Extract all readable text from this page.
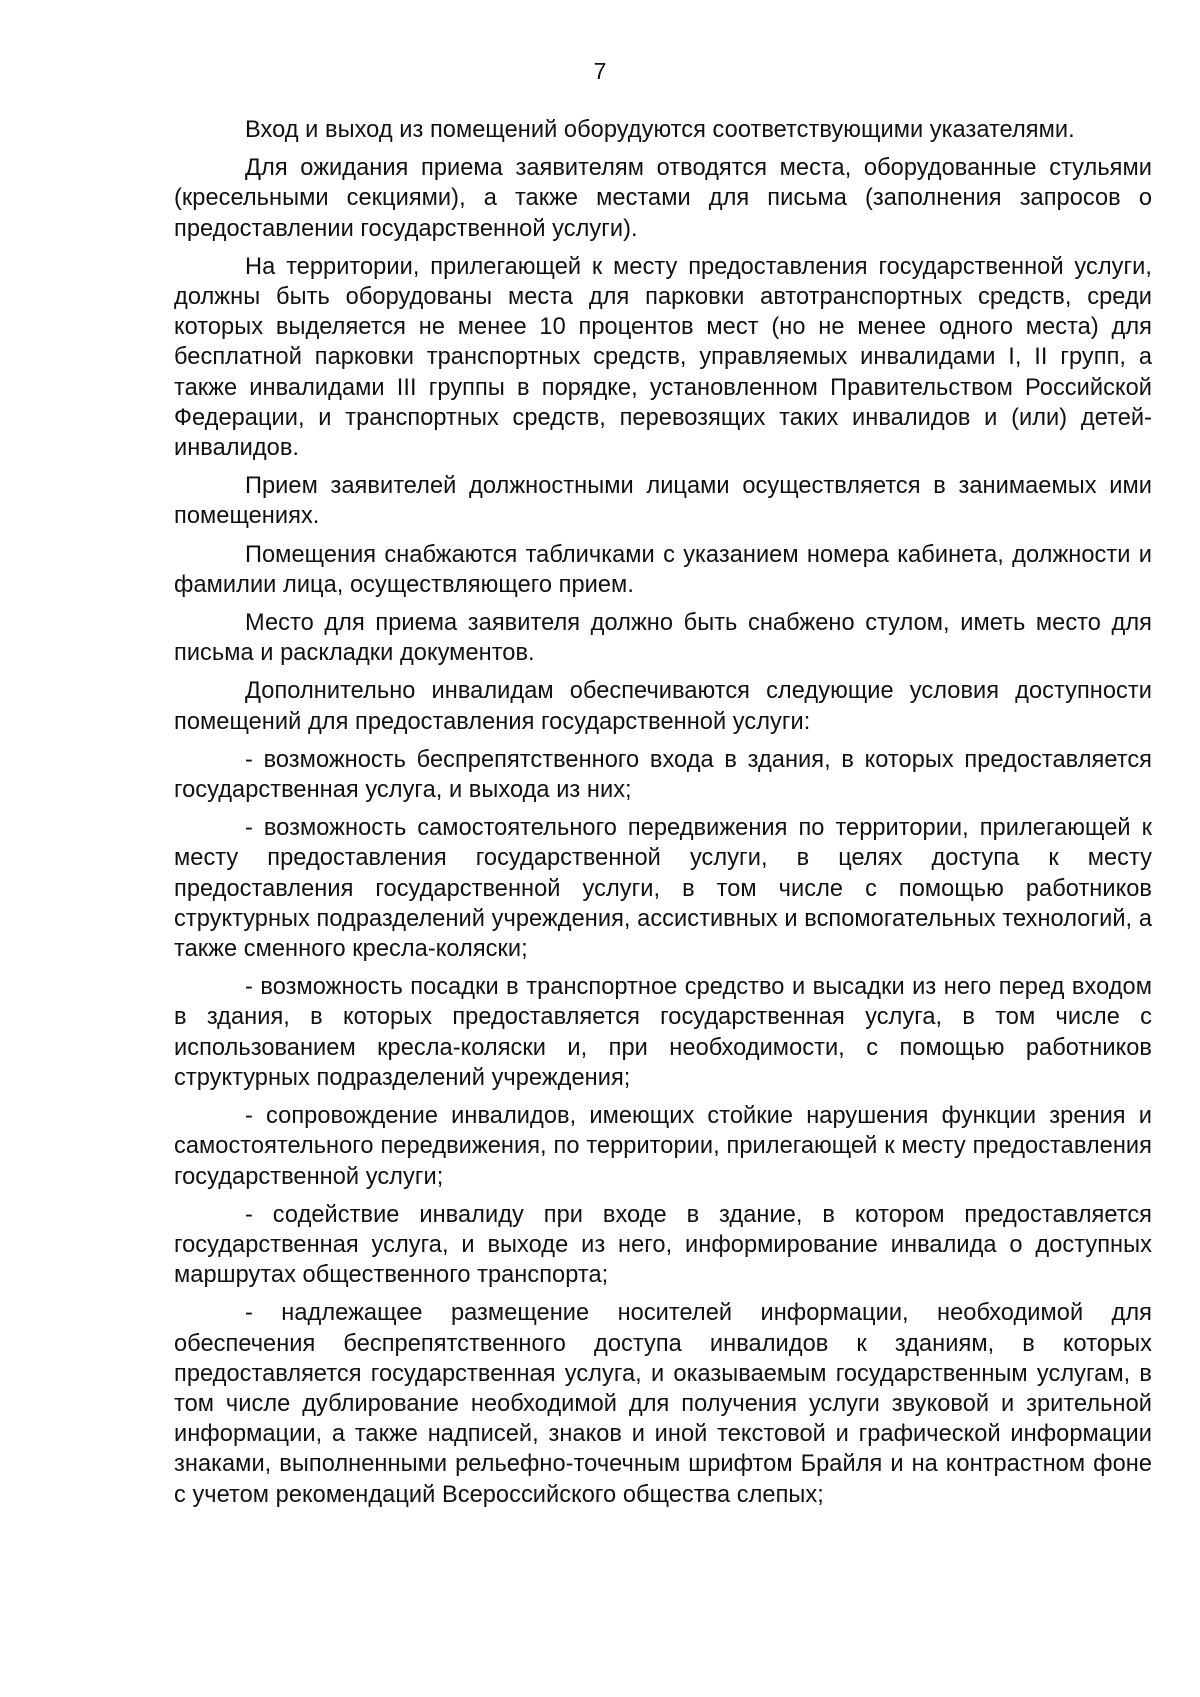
7

Вход и выход из помещений оборудуются соответствующими указателями.

Для ожидания приема заявителям отводятся места, оборудованные стульями (кресельными секциями), а также местами для письма (заполнения запросов о предоставлении государственной услуги).

На территории, прилегающей к месту предоставления государственной услуги, должны быть оборудованы места для парковки автотранспортных средств, среди которых выделяется не менее 10 процентов мест (но не менее одного места) для бесплатной парковки транспортных средств, управляемых инвалидами I, II групп, а также инвалидами III группы в порядке, установленном Правительством Российской Федерации, и транспортных средств, перевозящих таких инвалидов и (или) детей-инвалидов.

Прием заявителей должностными лицами осуществляется в занимаемых ими помещениях.

Помещения снабжаются табличками с указанием номера кабинета, должности и фамилии лица, осуществляющего прием.

Место для приема заявителя должно быть снабжено стулом, иметь место для письма и раскладки документов.

Дополнительно инвалидам обеспечиваются следующие условия доступности помещений для предоставления государственной услуги:

- возможность беспрепятственного входа в здания, в которых предоставляется государственная услуга, и выхода из них;

- возможность самостоятельного передвижения по территории, прилегающей к месту предоставления государственной услуги, в целях доступа к месту предоставления государственной услуги, в том числе с помощью работников структурных подразделений учреждения, ассистивных и вспомогательных технологий, а также сменного кресла-коляски;

- возможность посадки в транспортное средство и высадки из него перед входом в здания, в которых предоставляется государственная услуга, в том числе с использованием кресла-коляски и, при необходимости, с помощью работников структурных подразделений учреждения;

- сопровождение инвалидов, имеющих стойкие нарушения функции зрения и самостоятельного передвижения, по территории, прилегающей к месту предоставления государственной услуги;

- содействие инвалиду при входе в здание, в котором предоставляется государственная услуга, и выходе из него, информирование инвалида о доступных маршрутах общественного транспорта;

- надлежащее размещение носителей информации, необходимой для обеспечения беспрепятственного доступа инвалидов к зданиям, в которых предоставляется государственная услуга, и оказываемым государственным услугам, в том числе дублирование необходимой для получения услуги звуковой и зрительной информации, а также надписей, знаков и иной текстовой и графической информации знаками, выполненными рельефно-точечным шрифтом Брайля и на контрастном фоне с учетом рекомендаций Всероссийского общества слепых;
